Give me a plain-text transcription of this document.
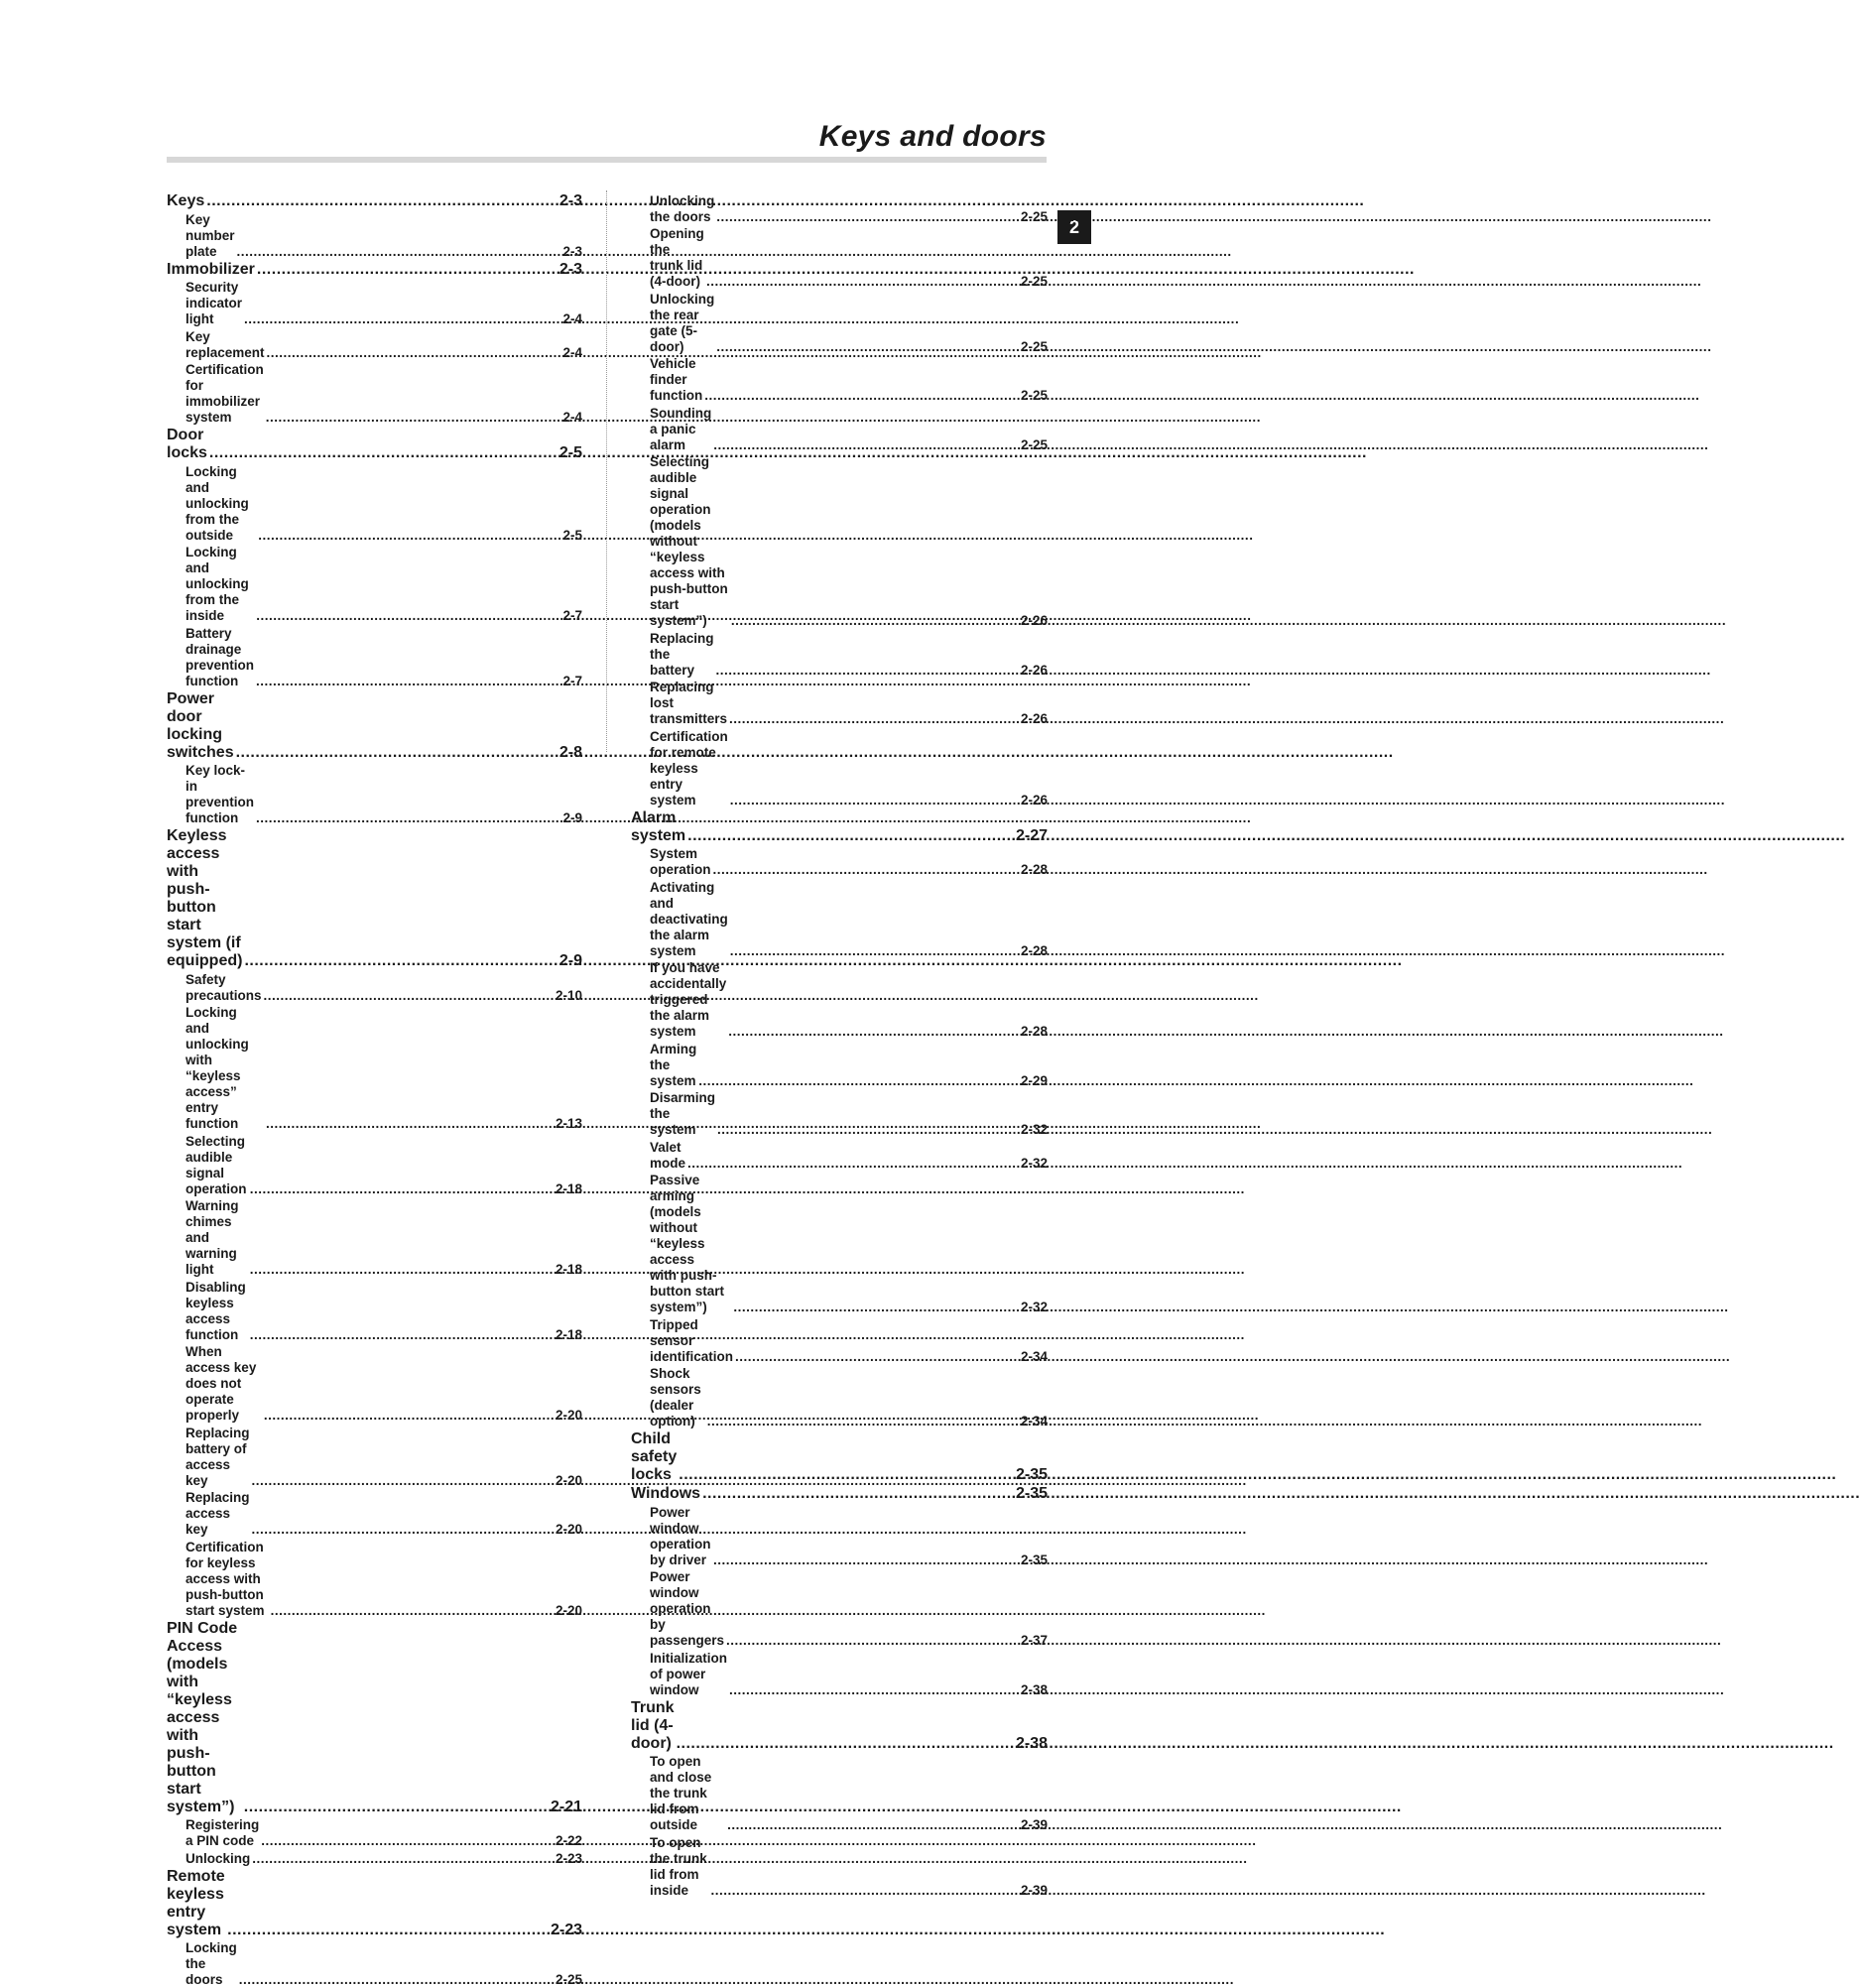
Keys and doors
2
Keys .....	2-3
Key number plate .....	2-3
Immobilizer .....	2-3
Security indicator light .....	2-4
Key replacement .....	2-4
Certification for immobilizer system .....	2-4
Door locks .....	2-5
Locking and unlocking from the outside .....	2-5
Locking and unlocking from the inside .....	2-7
Battery drainage prevention function .....	2-7
Power door locking switches .....	2-8
Key lock-in prevention function .....	2-9
Keyless access with push-button start
system (if equipped) .....	2-9
Safety precautions .....	2-10
Locking and unlocking with “keyless access”
entry function .....	2-13
Selecting audible signal operation .....	2-18
Warning chimes and warning light .....	2-18
Disabling keyless access function .....	2-18
When access key does not operate properly .....	2-20
Replacing battery of access key .....	2-20
Replacing access key .....	2-20
Certification for keyless access with push-button
start system .....	2-20
PIN Code Access (models with “keyless
access with push-button start system”) .....	2-21
Registering a PIN code .....	2-22
Unlocking .....	2-23
Remote keyless entry system .....	2-23
Locking the doors .....	2-25
Unlocking the doors .....	2-25
Opening the trunk lid (4-door) .....	2-25
Unlocking the rear gate (5-door) .....	2-25
Vehicle finder function .....	2-25
Sounding a panic alarm .....	2-25
Selecting audible signal operation (models
without “keyless access with push-button start
system”) .....	2-26
Replacing the battery .....	2-26
Replacing lost transmitters .....	2-26
Certification for remote keyless entry system .....	2-26
Alarm system .....	2-27
System operation .....	2-28
Activating and deactivating the alarm system .....	2-28
If you have accidentally triggered the alarm
system .....	2-28
Arming the system .....	2-29
Disarming the system .....	2-32
Valet mode .....	2-32
Passive arming (models without “keyless access
with push-button start system”) .....	2-32
Tripped sensor identification .....	2-34
Shock sensors (dealer option) .....	2-34
Child safety locks .....	2-35
Windows .....	2-35
Power window operation by driver .....	2-35
Power window operation by passengers .....	2-37
Initialization of power window .....	2-38
Trunk lid (4-door) .....	2-38
To open and close the trunk lid from outside .....	2-39
To open the trunk lid from inside .....	2-39
